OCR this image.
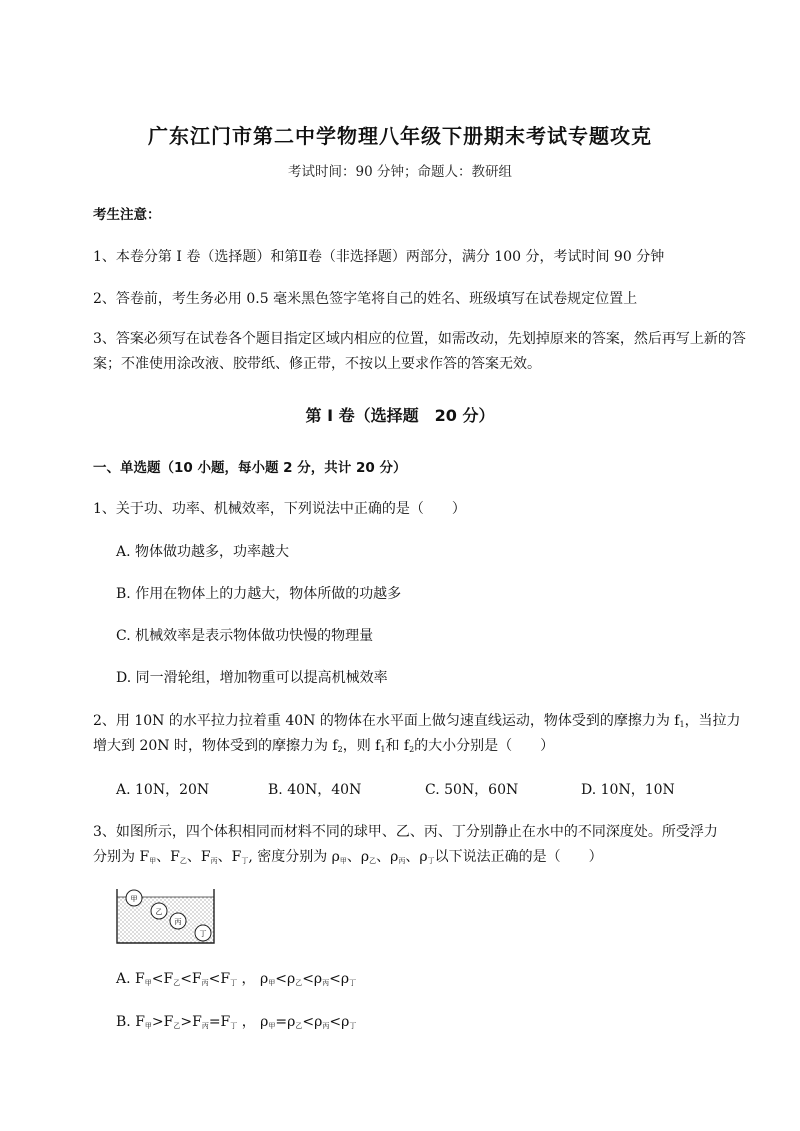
广东江门市第二中学物理八年级下册期末考试专题攻克
考试时间：90 分钟；命题人：教研组
考生注意：
1、本卷分第 I 卷（选择题）和第Ⅱ卷（非选择题）两部分，满分 100 分，考试时间 90 分钟
2、答卷前，考生务必用 0.5 毫米黑色签字笔将自己的姓名、班级填写在试卷规定位置上
3、答案必须写在试卷各个题目指定区域内相应的位置，如需改动，先划掉原来的答案，然后再写上新的答案；不准使用涂改液、胶带纸、修正带，不按以上要求作答的答案无效。
第 I 卷（选择题　20 分）
一、单选题（10 小题，每小题 2 分，共计 20 分）
1、关于功、功率、机械效率，下列说法中正确的是（　　）
A. 物体做功越多，功率越大
B. 作用在物体上的力越大，物体所做的功越多
C. 机械效率是表示物体做功快慢的物理量
D. 同一滑轮组，增加物重可以提高机械效率
2、用 10N 的水平拉力拉着重 40N 的物体在水平面上做匀速直线运动，物体受到的摩擦力为 $f_1$，当拉力
增大到 20N 时，物体受到的摩擦力为 $f_2$，则 $f_1$和 $f_2$的大小分别是（　　）
A. 10N，20N	B. 40N，40N	C. 50N，60N	D. 10N，10N
3、如图所示，四个体积相同而材料不同的球甲、乙、丙、丁分别静止在水中的不同深度处。所受浮力
分别为 $F_甲$、$F_乙$、$F_丙$、$F_丁$, 密度分别为 $\rho_甲$、$\rho_乙$、$\rho_丙$、$\rho_丁$以下说法正确的是（　　）
甲
乙
丙
丁
A. $F_甲<F_乙<F_丙<F_丁$ ， $\rho_甲<\rho_乙<\rho_丙<\rho_丁$
B. $F_甲>F_乙>F_丙=F_丁$ ， $\rho_甲=\rho_乙<\rho_丙<\rho_丁$
